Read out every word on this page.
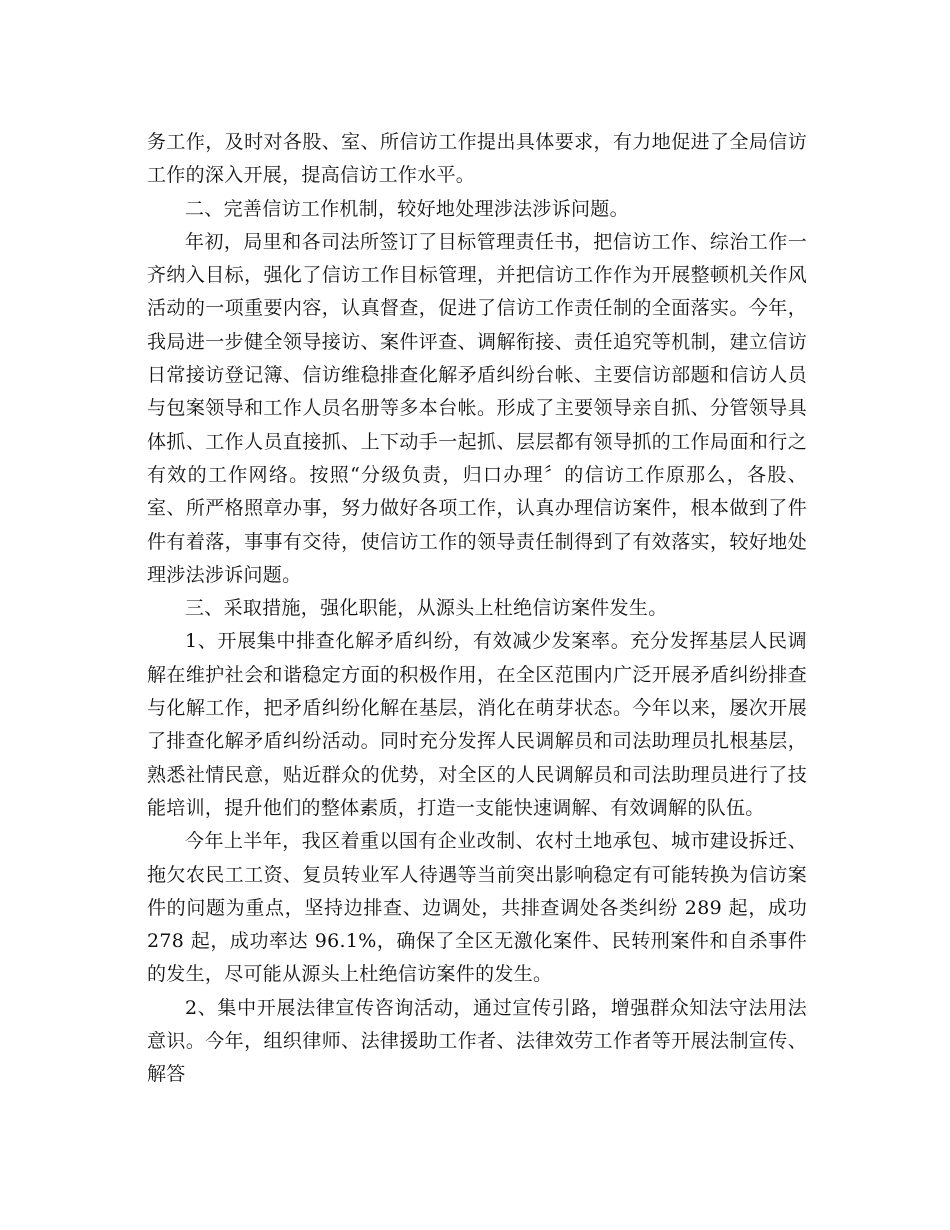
务工作，及时对各股、室、所信访工作提出具体要求，有力地促进了全局信访工作的深入开展，提高信访工作水平。

二、完善信访工作机制，较好地处理涉法涉诉问题。

年初，局里和各司法所签订了目标管理责任书，把信访工作、综治工作一齐纳入目标，强化了信访工作目标管理，并把信访工作作为开展整顿机关作风活动的一项重要内容，认真督查，促进了信访工作责任制的全面落实。今年，我局进一步健全领导接访、案件评查、调解衔接、责任追究等机制，建立信访日常接访登记簿、信访维稳排查化解矛盾纠纷台帐、主要信访部题和信访人员与包案领导和工作人员名册等多本台帐。形成了主要领导亲自抓、分管领导具体抓、工作人员直接抓、上下动手一起抓、层层都有领导抓的工作局面和行之有效的工作网络。按照“分级负责，归口办理〞的信访工作原那么，各股、室、所严格照章办事，努力做好各项工作，认真办理信访案件，根本做到了件件有着落，事事有交待，使信访工作的领导责任制得到了有效落实，较好地处理涉法涉诉问题。

三、采取措施，强化职能，从源头上杜绝信访案件发生。

1、开展集中排查化解矛盾纠纷，有效减少发案率。充分发挥基层人民调解在维护社会和谐稳定方面的积极作用，在全区范围内广泛开展矛盾纠纷排查与化解工作，把矛盾纠纷化解在基层，消化在萌芽状态。今年以来，屡次开展了排查化解矛盾纠纷活动。同时充分发挥人民调解员和司法助理员扎根基层，熟悉社情民意，贴近群众的优势，对全区的人民调解员和司法助理员进行了技能培训，提升他们的整体素质，打造一支能快速调解、有效调解的队伍。

今年上半年，我区着重以国有企业改制、农村土地承包、城市建设拆迁、拖欠农民工工资、复员转业军人待遇等当前突出影响稳定有可能转换为信访案件的问题为重点，坚持边排查、边调处，共排查调处各类纠纷 289 起，成功 278 起，成功率达 96.1%，确保了全区无激化案件、民转刑案件和自杀事件的发生，尽可能从源头上杜绝信访案件的发生。

2、集中开展法律宣传咨询活动，通过宣传引路，增强群众知法守法用法意识。今年，组织律师、法律援助工作者、法律效劳工作者等开展法制宣传、解答
